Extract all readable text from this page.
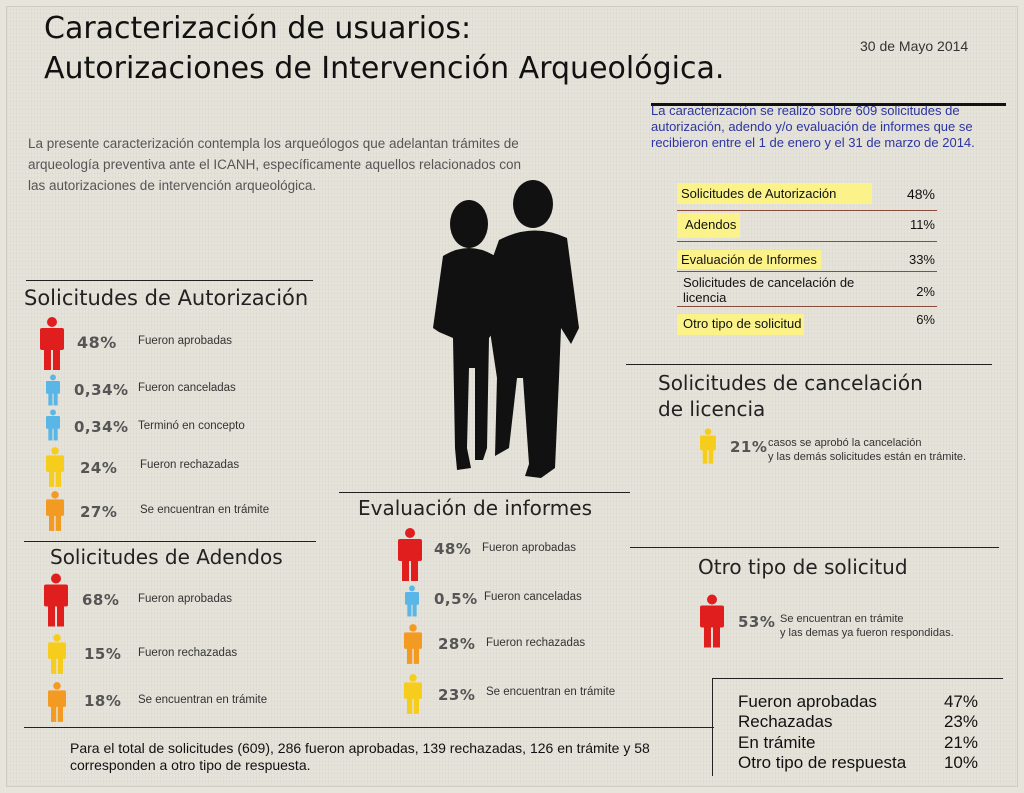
Caracterización de usuarios:
Autorizaciones de Intervención Arqueológica.
30 de Mayo 2014
La presente caracterización contempla los arqueólogos que adelantan trámites de arqueología preventiva ante el ICANH, específicamente aquellos relacionados con las autorizaciones de intervención arqueológica.
La caracterización se realizó sobre 609 solicitudes de autorización, adendo y/o evaluación de informes que se recibieron entre el 1 de enero y el 31 de marzo de 2014.
Solicitudes de Autorización	48%
Adendos	11%
Evaluación de Informes	33%
Solicitudes de cancelación de licencia	2%
Otro tipo de solicitud	6%
Solicitudes de Autorización
48% Fueron aprobadas
0,34% Fueron canceladas
0,34% Terminó en concepto
24% Fueron rechazadas
27% Se encuentran en trámite
Solicitudes de Adendos
68% Fueron aprobadas
15% Fueron rechazadas
18% Se encuentran en trámite
Evaluación de informes
48% Fueron aprobadas
0,5% Fueron canceladas
28% Fueron rechazadas
23% Se encuentran en trámite
Solicitudes de cancelación
de licencia
21% casos se aprobó la cancelación
y las demás solicitudes están en trámite.
Otro tipo de solicitud
53% Se encuentran en trámite
y las demas ya fueron respondidas.
Fueron aprobadas	47%
Rechazadas	23%
En trámite	21%
Otro tipo de respuesta 10%
Para el total de solicitudes (609), 286 fueron aprobadas, 139 rechazadas, 126 en trámite y 58 corresponden a otro tipo de respuesta.
